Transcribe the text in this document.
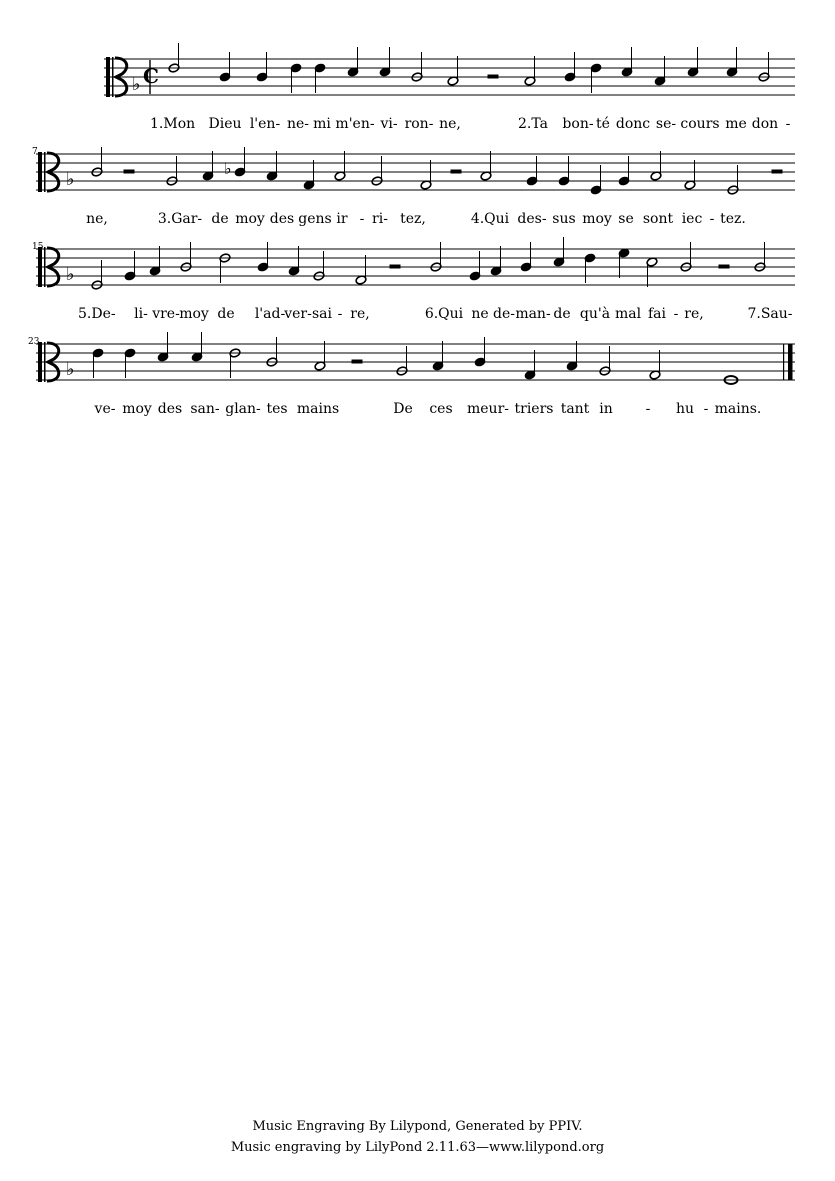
♭ C
1.Mon Dieu l'en- ne- mi m'en- vi- ron- ne,	2.Ta bon- té donc se- cours me don -
♭
♭
7
ne,	3.Gar- de moy des gens ir - ri- tez,	4.Qui des- sus moy se sont iec - tez.
♭
15
5.De- li- vre- moy de l'ad- ver- sai - re,	6.Qui ne de- man- de qu'à mal fai - re,	7.Sau-
♭
23
ve- moy des san- glan- tes mains	De ces meur- triers tant in - hu - mains.
Music Engraving By Lilypond, Generated by PPIV.
Music engraving by LilyPond 2.11.63—www.lilypond.org
